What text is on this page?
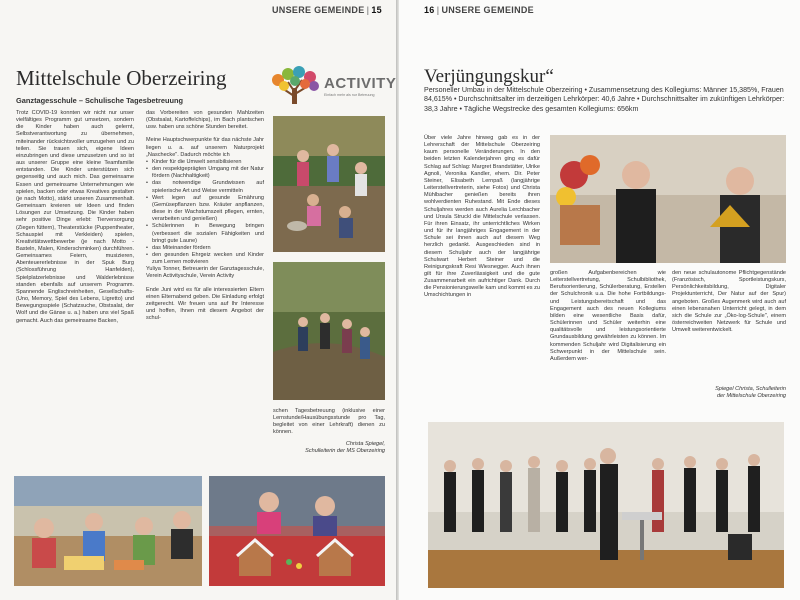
UNSERE GEMEINDE | 15
Mittelschule Oberzeiring
Ganztagesschule – Schulische Tagesbetreuung
ACTIVITY
Einfach mehr als nur Betreuung

Trotz COVID-19 konnten wir nicht nur unser vielfältiges Programm gut umsetzen, sondern die Kinder haben auch gelernt, Selbstverantwortung zu übernehmen, miteinander rücksichtsvoller umzugehen und zu teilen. Sie trauen sich, eigene Ideen einzubringen und diese umzusetzen und so ist aus unserer Gruppe eine kleine Teamfamilie entstanden. Die Kinder unterstützen sich gegenseitig und auch mich. Das gemeinsame Essen und gemeinsame Unternehmungen wie spielen, backen oder etwas Kreatives gestalten (je nach Motto), stärkt unseren Zusammenhalt. Gemeinsam kreieren wir Ideen und finden Lösungen zur Umsetzung. Die Kinder haben sehr positive Dinge erlebt: Tierversorgung (Ziegen füttern), Theaterstücke (Puppentheater, Schauspiel mit Verkleiden) spielen, Kreativitätswettbewerbe (je nach Motto -Basteln, Malen, Kinderschminken) durchführen. Gemeinsames Feiern, musizieren, Abenteuererlebnisse in der Spuk Burg (Schlossführung Hanfelden), Spielplatzerlebnisse und Walderlebnisse standen ebenfalls auf unserem Programm. Spannende Englischreinheiten, Gesellschafts- (Uno, Memory, Spiel des Lebens, Ligretto) und Bewegungsspiele (Schatzsuche, Obstsalat, der Wolf und die Gänse u. a.) haben uns viel Spaß gemacht. Auch das gemeinsame Backen,

das Vorbereiten von gesunden Mahlzeiten (Obstsalat, Kartoffelchips), im Bach plantschen usw. haben uns schöne Stunden bereitet.

Meine Hauptschwerpunkte für das nächste Jahr liegen u. a. auf unserem Naturprojekt „Naschecke". Dadurch möchte ich

• Kinder für die Umwelt sensibilisieren
• den respektgeprägten Umgang mit der Natur fördern (Nachhaltigkeit)
• das notwendige Grundwissen auf spielerische Art und Weise vermitteln
• Wert legen auf gesunde Ernährung (Gemüsepflanzen bzw. Kräuter anpflanzen, diese in der Wachstumszeit pflegen, ernten, verarbeiten und genießen)
• Schülerinnen in Bewegung bringen (verbessert die sozialen Fähigkeiten und bringt gute Laune)
• das Miteinander fördern
• den gesunden Ehrgeiz wecken und Kinder zum Lernen motivieren

Yuliya Tonner, Betreuerin der Ganztagesschule, Verein Activityschule, Verein Activity

Ende Juni wird es für alle interessierten Eltern einen Elternabend geben. Die Einladung erfolgt zeitgerecht. Wir freuen uns auf Ihr Interesse und hoffen, Ihnen mit diesem Angebot der schul-

schen Tagesbetreuung (inklusive einer Lernstunde/Hausübungsstunde pro Tag, begleitet von einer Lehrkraft) dienen zu können.

Christa Spiegel,
Schulleiterin der MS Oberzeiring
16 | UNSERE GEMEINDE
Verjüngungskur“
Personeller Umbau in der Mittelschule Oberzeiring • Zusammensetzung des Kollegiums: Männer 15,385%, Frauen 84,615% • Durchschnittsalter im derzeitigen Lehrkörper: 40,6 Jahre • Durchschnittsalter im zukünftigen Lehrkörper: 38,3 Jahre • Tägliche Wegstrecke des gesamten Kollegiums: 656km

Über viele Jahre hinweg gab es in der Lehrerschaft der Mittelschule Oberzeiring kaum personelle Veränderungen. In den beiden letzten Kalenderjahren ging es dafür Schlag auf Schlag: Margret Brandstätter, Ulrike Agnoli, Veronika Kandler, ehem. Dir. Peter Steiner, Elisabeth Lernpaß (langjährige Leiterstellvertreterin, siehe Fotos) und Christa Mühlbacher genießen bereits ihren wohlverdienten Ruhestand. Mit Ende dieses Schuljahres werden auch Aurelia Lerchbacher und Ursula Struckl die Mittelschule verlassen. Für ihren Einsatz, ihr unterrichtliches Wirken und für ihr langjähriges Engagement in der Schule sei ihnen auch auf diesem Weg herzlich gedankt. Ausgeschieden sind in diesem Schuljahr auch der langjährige Schulwart Herbert Steiner und die Reinigungskraft Resi Wiesnegger. Auch ihnen gilt für ihre Zuverlässigkeit und die gute Zusammenarbeit ein aufrichtiger Dank. Durch die Pensionierungswelle kam und kommt es zu Umschichtungen in

großen Aufgabenbereichen wie Leiterstellvertretung, Schulbibliothek, Berufsorientierung, Schülerberatung, Erstellen der Schulchronik u.a. Die hohe Fortbildungs- und Leistungsbereitschaft und das Engagement auch des neuen Kollegiums bilden eine wesentliche Basis dafür, Schülerinnen und Schüler weiterhin eine qualitätsvolle und leistungsorientierte Grundausbildung gewährleisten zu können. Im kommenden Schuljahr wird Digitalisierung ein Schwerpunkt in der Mittelschule sein. Außerdem wer-

den neue schulautonome Pflichtgegenstände (Französisch, Sportleistungskurs, Persönlichkeitsbildung, Digitaler Projektunterricht, Der Natur auf der Spur) angeboten. Großes Augenmerk wird auch auf einen lebensnahen Unterricht gelegt, in dem sich die Schule zur „Öko-log-Schule", einem österreichweiten Netzwerk für Schule und Umwelt weiterentwickelt.

Spiegel Christa, Schulleiterin
der Mittelschule Oberzeiring
